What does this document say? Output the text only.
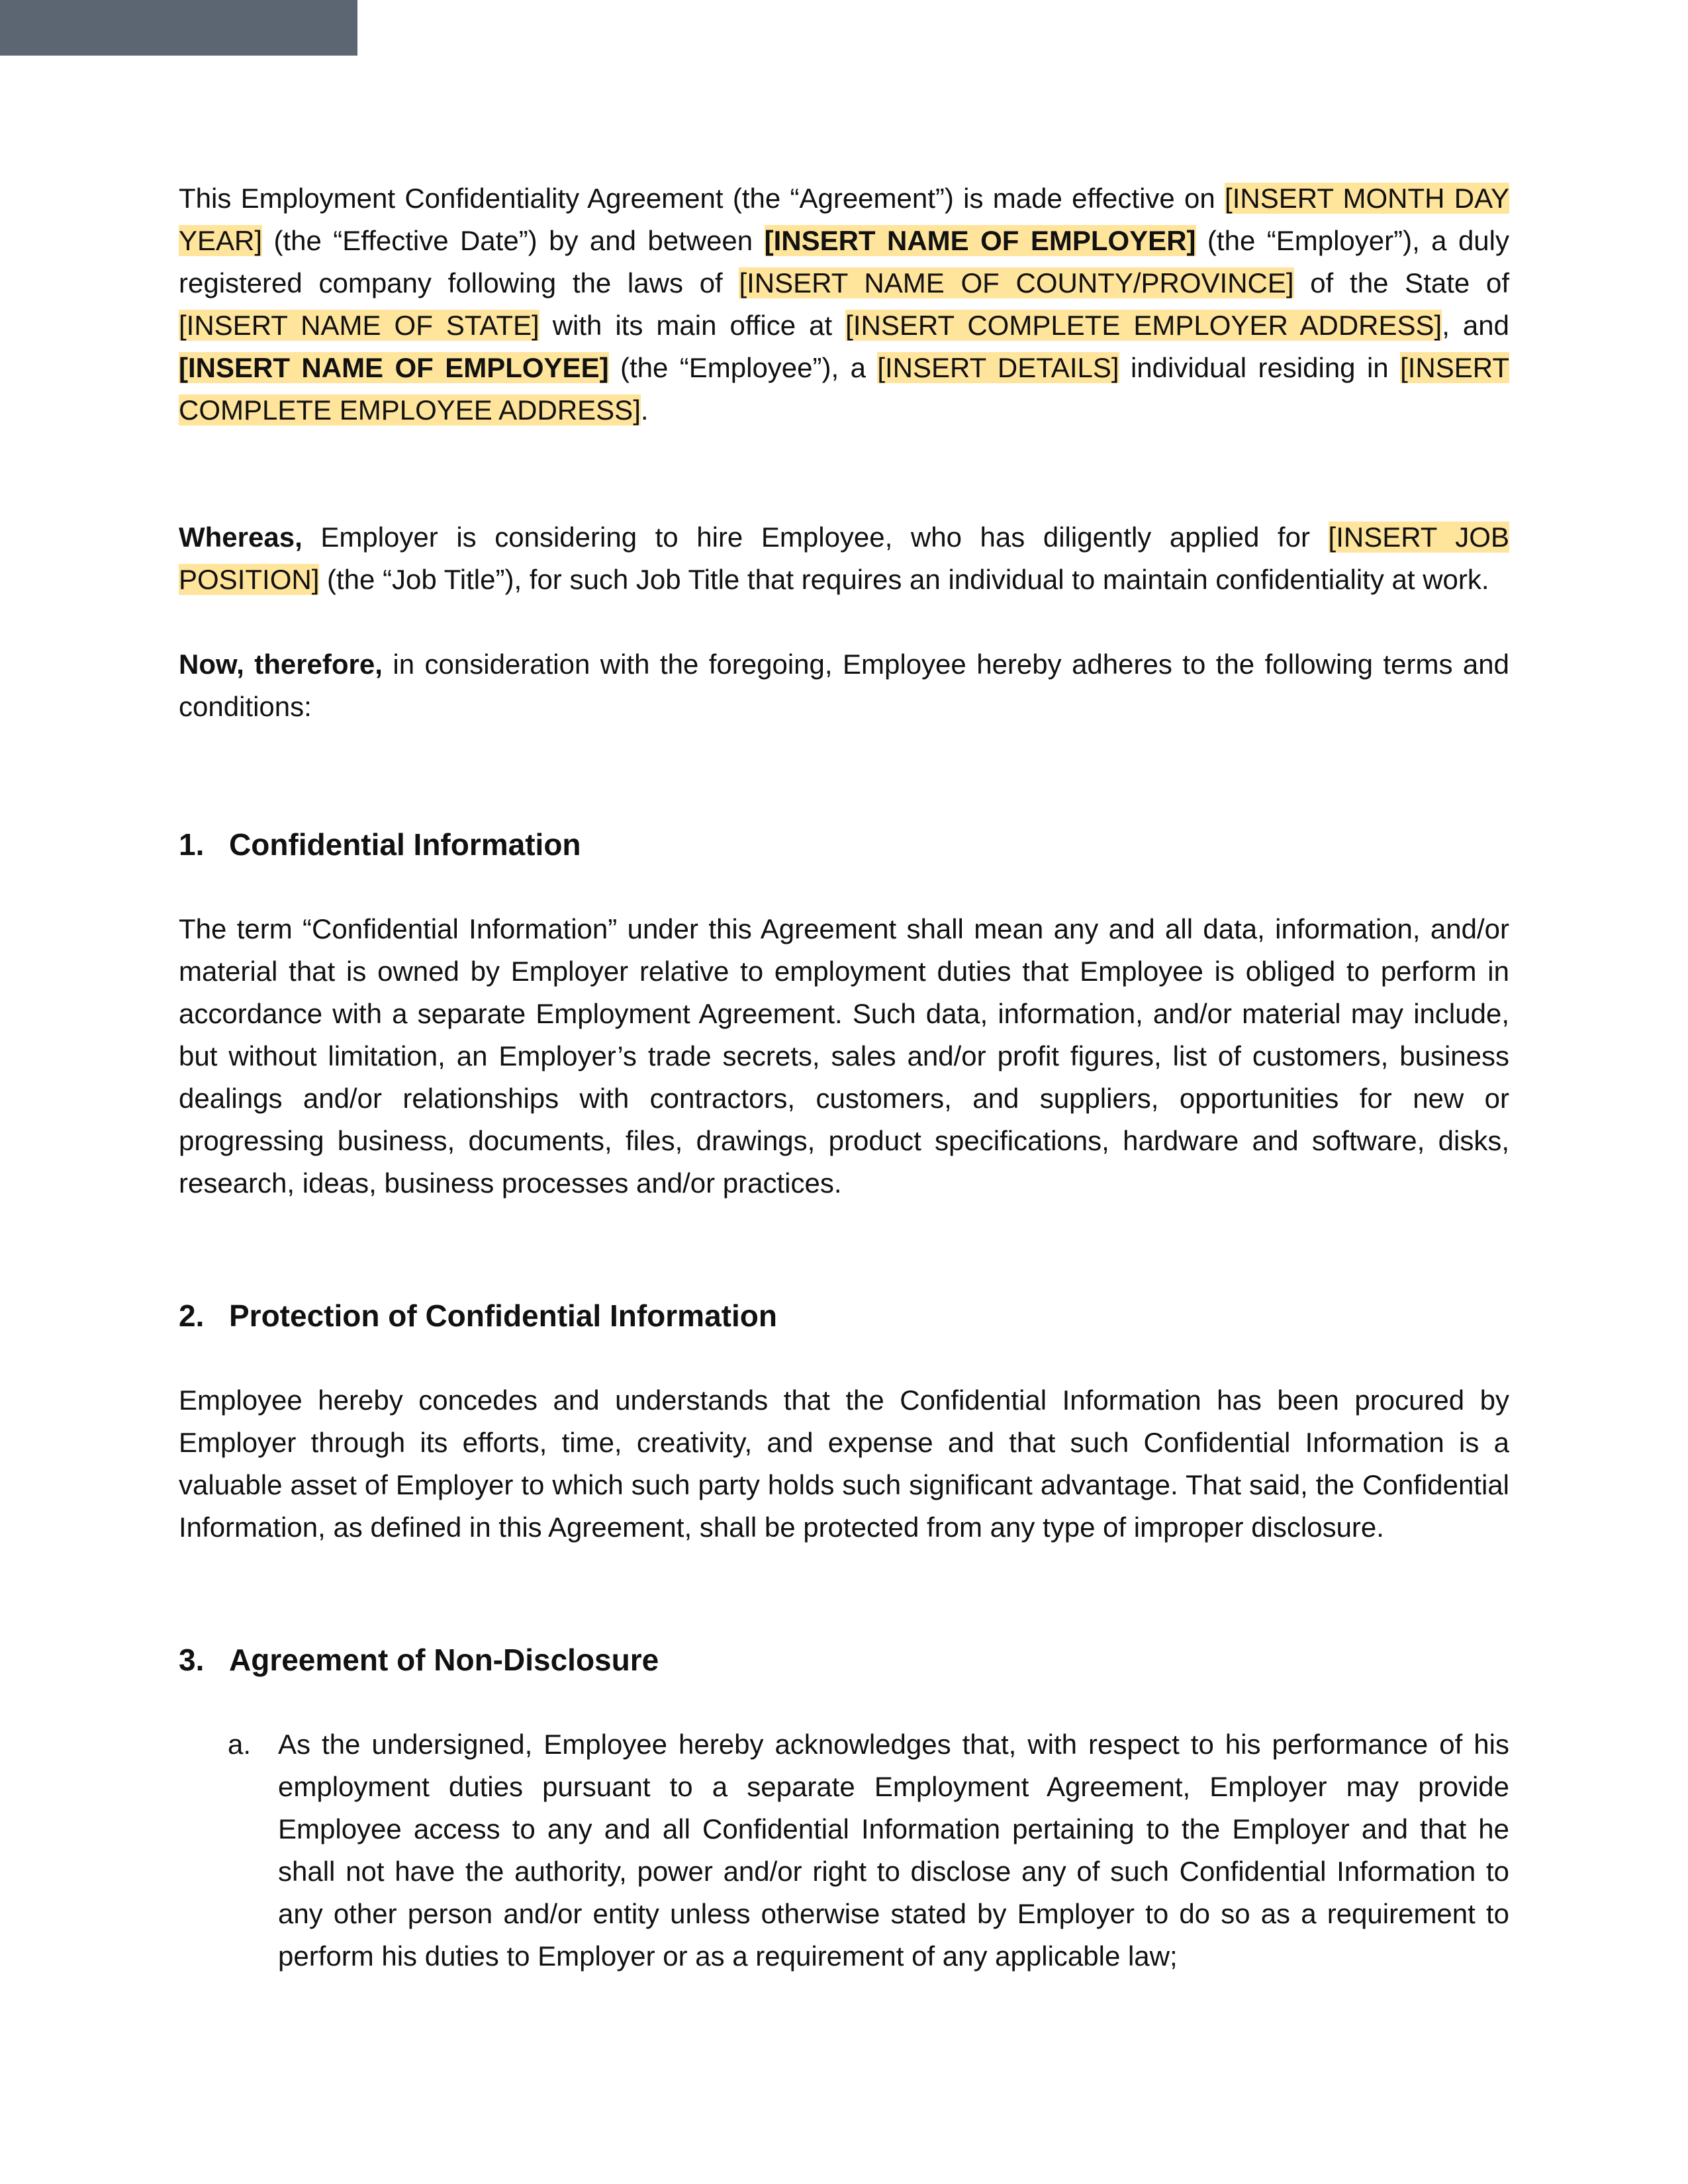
This Employment Confidentiality Agreement (the “Agreement”) is made effective on [INSERT MONTH DAY YEAR] (the “Effective Date”) by and between [INSERT NAME OF EMPLOYER] (the “Employer”), a duly registered company following the laws of [INSERT NAME OF COUNTY/PROVINCE] of the State of [INSERT NAME OF STATE] with its main office at [INSERT COMPLETE EMPLOYER ADDRESS], and [INSERT NAME OF EMPLOYEE] (the “Employee”), a [INSERT DETAILS] individual residing in [INSERT COMPLETE EMPLOYEE ADDRESS].

Whereas, Employer is considering to hire Employee, who has diligently applied for [INSERT JOB POSITION] (the “Job Title”), for such Job Title that requires an individual to maintain confidentiality at work.

Now, therefore, in consideration with the foregoing, Employee hereby adheres to the following terms and conditions:

1. Confidential Information

The term “Confidential Information” under this Agreement shall mean any and all data, information, and/or material that is owned by Employer relative to employment duties that Employee is obliged to perform in accordance with a separate Employment Agreement. Such data, information, and/or material may include, but without limitation, an Employer’s trade secrets, sales and/or profit figures, list of customers, business dealings and/or relationships with contractors, customers, and suppliers, opportunities for new or progressing business, documents, files, drawings, product specifications, hardware and software, disks, research, ideas, business processes and/or practices.

2. Protection of Confidential Information

Employee hereby concedes and understands that the Confidential Information has been procured by Employer through its efforts, time, creativity, and expense and that such Confidential Information is a valuable asset of Employer to which such party holds such significant advantage. That said, the Confidential Information, as defined in this Agreement, shall be protected from any type of improper disclosure.

3. Agreement of Non-Disclosure
a. As the undersigned, Employee hereby acknowledges that, with respect to his performance of his employment duties pursuant to a separate Employment Agreement, Employer may provide Employee access to any and all Confidential Information pertaining to the Employer and that he shall not have the authority, power and/or right to disclose any of such Confidential Information to any other person and/or entity unless otherwise stated by Employer to do so as a requirement to perform his duties to Employer or as a requirement of any applicable law;
